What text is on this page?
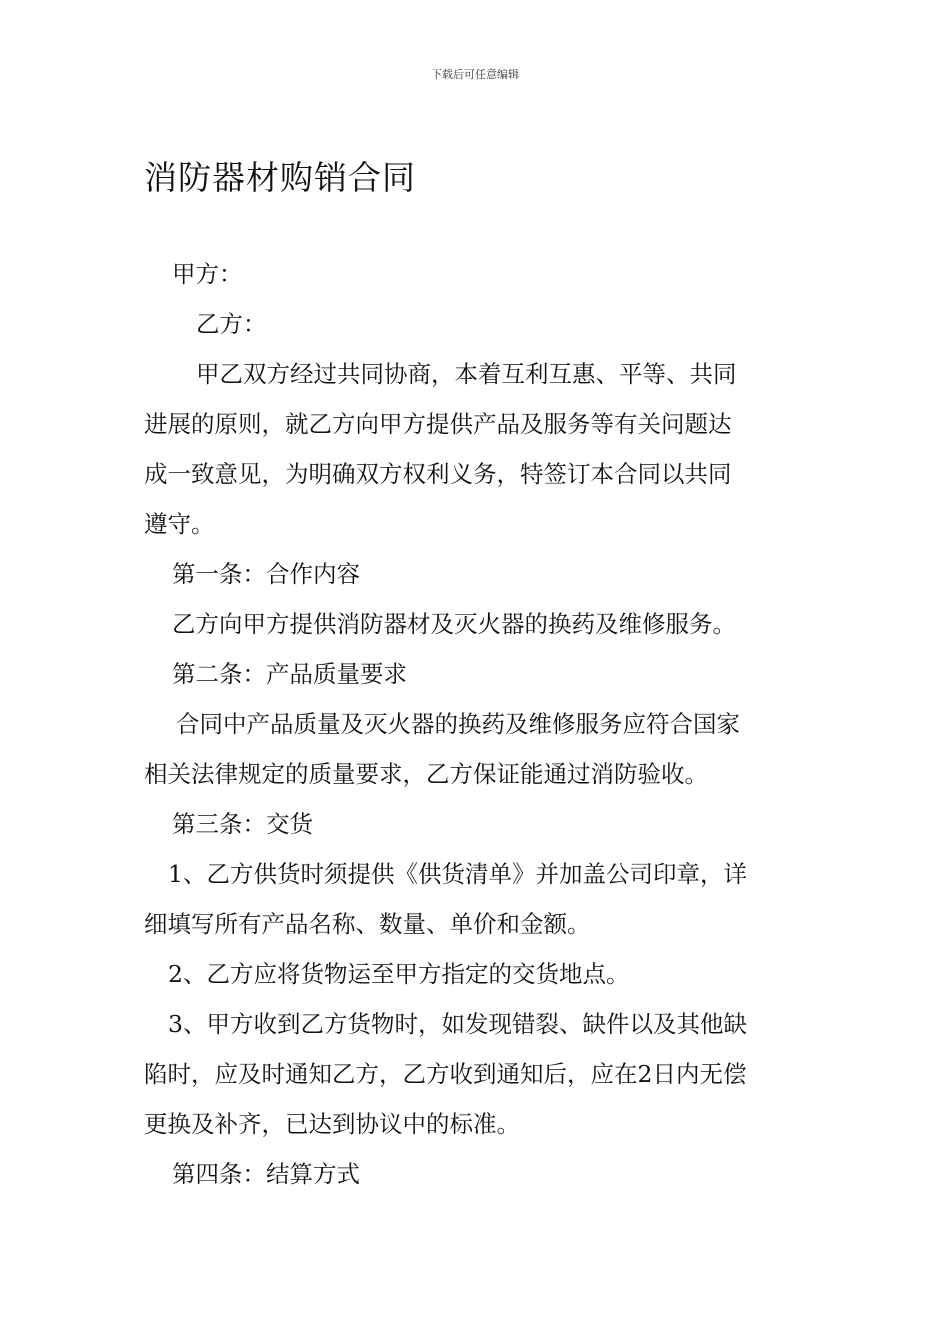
下载后可任意编辑
消防器材购销合同
甲方：
乙方：
甲乙双方经过共同协商，本着互利互惠、平等、共同
进展的原则，就乙方向甲方提供产品及服务等有关问题达
成一致意见，为明确双方权利义务，特签订本合同以共同
遵守。
第一条：合作内容
乙方向甲方提供消防器材及灭火器的换药及维修服务。
第二条：产品质量要求
合同中产品质量及灭火器的换药及维修服务应符合国家
相关法律规定的质量要求，乙方保证能通过消防验收。
第三条：交货
1、乙方供货时须提供《供货清单》并加盖公司印章，详
细填写所有产品名称、数量、单价和金额。
2、乙方应将货物运至甲方指定的交货地点。
3、甲方收到乙方货物时，如发现错裂、缺件以及其他缺
陷时，应及时通知乙方，乙方收到通知后，应在2日内无偿
更换及补齐，已达到协议中的标准。
第四条：结算方式
